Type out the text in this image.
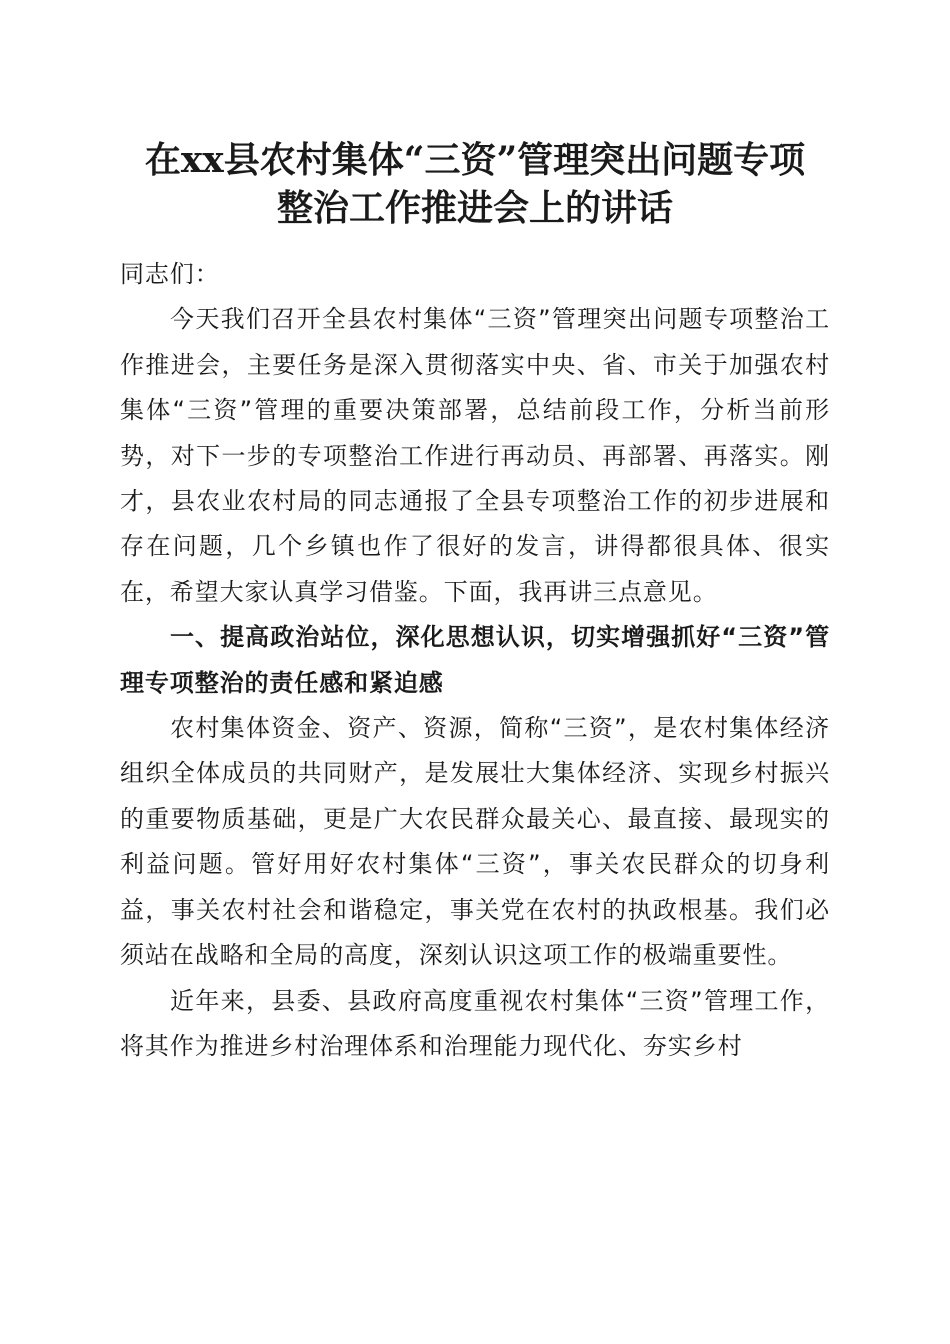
在xx县农村集体“三资”管理突出问题专项
整治工作推进会上的讲话

同志们：

今天我们召开全县农村集体“三资”管理突出问题专项整治工作推进会，主要任务是深入贯彻落实中央、省、市关于加强农村集体“三资”管理的重要决策部署，总结前段工作，分析当前形势，对下一步的专项整治工作进行再动员、再部署、再落实。刚才，县农业农村局的同志通报了全县专项整治工作的初步进展和存在问题，几个乡镇也作了很好的发言，讲得都很具体、很实在，希望大家认真学习借鉴。下面，我再讲三点意见。

一、提高政治站位，深化思想认识，切实增强抓好“三资”管理专项整治的责任感和紧迫感

农村集体资金、资产、资源，简称“三资”，是农村集体经济组织全体成员的共同财产，是发展壮大集体经济、实现乡村振兴的重要物质基础，更是广大农民群众最关心、最直接、最现实的利益问题。管好用好农村集体“三资”，事关农民群众的切身利益，事关农村社会和谐稳定，事关党在农村的执政根基。我们必须站在战略和全局的高度，深刻认识这项工作的极端重要性。

近年来，县委、县政府高度重视农村集体“三资”管理工作，将其作为推进乡村治理体系和治理能力现代化、夯实乡村
